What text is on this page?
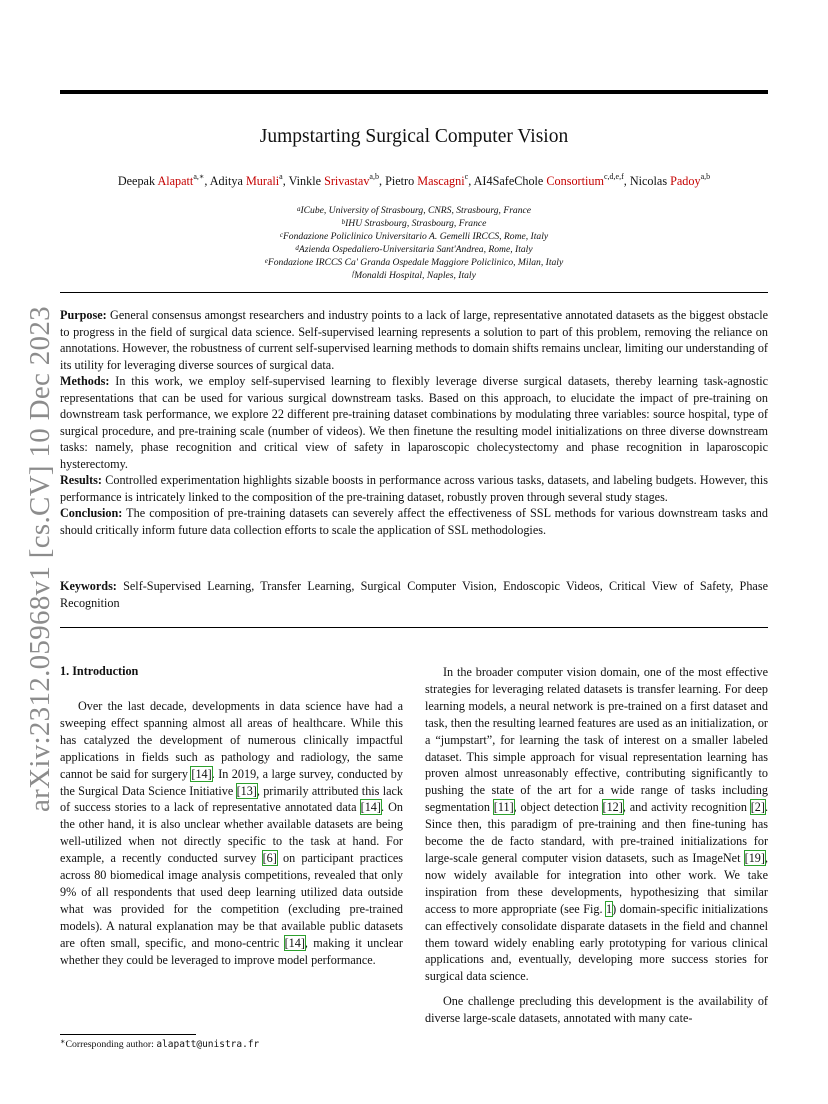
arXiv:2312.05968v1 [cs.CV] 10 Dec 2023
Jumpstarting Surgical Computer Vision
Deepak Alapatt$^{a,∗}$, Aditya Murali$^a$, Vinkle Srivastav$^{a,b}$, Pietro Mascagni$^c$, AI4SafeChole Consortium$^{c,d,e,f}$, Nicolas Padoy$^{a,b}$
$^a$ICube, University of Strasbourg, CNRS, Strasbourg, France
$^b$IHU Strasbourg, Strasbourg, France
$^c$Fondazione Policlinico Universitario A. Gemelli IRCCS, Rome, Italy
$^d$Azienda Ospedaliero-Universitaria Sant'Andrea, Rome, Italy
$^e$Fondazione IRCCS Ca' Granda Ospedale Maggiore Policlinico, Milan, Italy
$^f$Monaldi Hospital, Naples, Italy

Purpose: General consensus amongst researchers and industry points to a lack of large, representative annotated datasets as the biggest obstacle to progress in the field of surgical data science. Self-supervised learning represents a solution to part of this problem, removing the reliance on annotations. However, the robustness of current self-supervised learning methods to domain shifts remains unclear, limiting our understanding of its utility for leveraging diverse sources of surgical data.

Methods: In this work, we employ self-supervised learning to flexibly leverage diverse surgical datasets, thereby learning task-agnostic representations that can be used for various surgical downstream tasks. Based on this approach, to elucidate the impact of pre-training on downstream task performance, we explore 22 different pre-training dataset combinations by modulating three variables: source hospital, type of surgical procedure, and pre-training scale (number of videos). We then finetune the resulting model initializations on three diverse downstream tasks: namely, phase recognition and critical view of safety in laparoscopic cholecystectomy and phase recognition in laparoscopic hysterectomy.

Results: Controlled experimentation highlights sizable boosts in performance across various tasks, datasets, and labeling budgets. However, this performance is intricately linked to the composition of the pre-training dataset, robustly proven through several study stages.

Conclusion: The composition of pre-training datasets can severely affect the effectiveness of SSL methods for various downstream tasks and should critically inform future data collection efforts to scale the application of SSL methodologies.

Keywords: Self-Supervised Learning, Transfer Learning, Surgical Computer Vision, Endoscopic Videos, Critical View of Safety, Phase Recognition
1. Introduction

Over the last decade, developments in data science have had a sweeping effect spanning almost all areas of healthcare. While this has catalyzed the development of numerous clinically impactful applications in fields such as pathology and radiology, the same cannot be said for surgery [14]. In 2019, a large survey, conducted by the Surgical Data Science Initiative [13], primarily attributed this lack of success stories to a lack of representative annotated data [14]. On the other hand, it is also unclear whether available datasets are being well-utilized when not directly specific to the task at hand. For example, a recently conducted survey [6] on participant practices across 80 biomedical image analysis competitions, revealed that only 9% of all respondents that used deep learning utilized data outside what was provided for the competition (excluding pre-trained models). A natural explanation may be that available public datasets are often small, specific, and mono-centric [14], making it unclear whether they could be leveraged to improve model performance.

In the broader computer vision domain, one of the most effective strategies for leveraging related datasets is transfer learning. For deep learning models, a neural network is pre-trained on a first dataset and task, then the resulting learned features are used as an initialization, or a “jumpstart”, for learning the task of interest on a smaller labeled dataset. This simple approach for visual representation learning has proven almost unreasonably effective, contributing significantly to pushing the state of the art for a wide range of tasks including segmentation [11], object detection [12], and activity recognition [2]. Since then, this paradigm of pre-training and then fine-tuning has become the de facto standard, with pre-trained initializations for large-scale general computer vision datasets, such as ImageNet [19], now widely available for integration into other work. We take inspiration from these developments, hypothesizing that similar access to more appropriate (see Fig. 1) domain-specific initializations can effectively consolidate disparate datasets in the field and channel them toward widely enabling early prototyping for various clinical applications and, eventually, developing more success stories for surgical data science.

One challenge precluding this development is the availability of diverse large-scale datasets, annotated with many cate-

∗Corresponding author: alapatt@unistra.fr
